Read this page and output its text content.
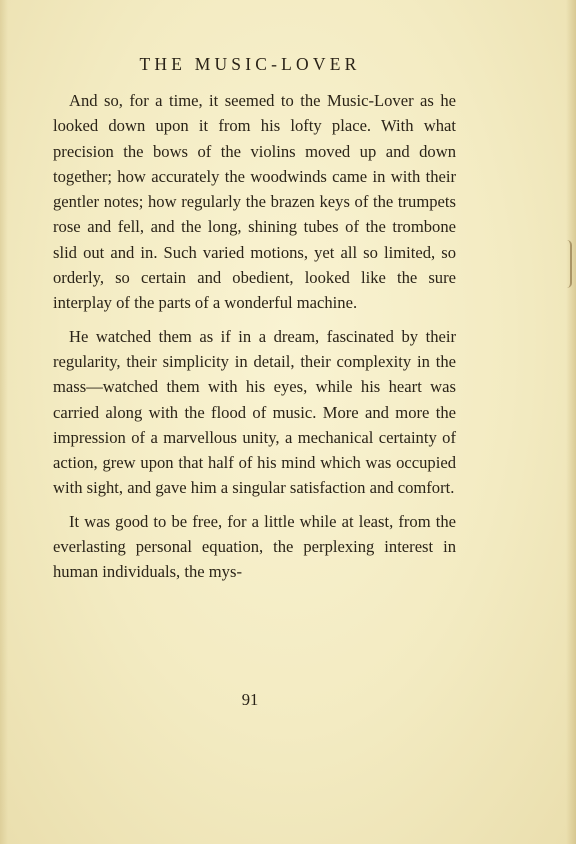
THE MUSIC-LOVER

And so, for a time, it seemed to the Music-Lover as he looked down upon it from his lofty place. With what precision the bows of the violins moved up and down together; how accurately the woodwinds came in with their gentler notes; how regularly the brazen keys of the trumpets rose and fell, and the long, shining tubes of the trombone slid out and in. Such varied motions, yet all so limited, so orderly, so certain and obedient, looked like the sure interplay of the parts of a wonderful machine.

He watched them as if in a dream, fascinated by their regularity, their simplicity in detail, their complexity in the mass—watched them with his eyes, while his heart was carried along with the flood of music. More and more the impression of a marvellous unity, a mechanical certainty of action, grew upon that half of his mind which was occupied with sight, and gave him a singular satisfaction and comfort.

It was good to be free, for a little while at least, from the everlasting personal equation, the perplexing interest in human individuals, the mys-

91
